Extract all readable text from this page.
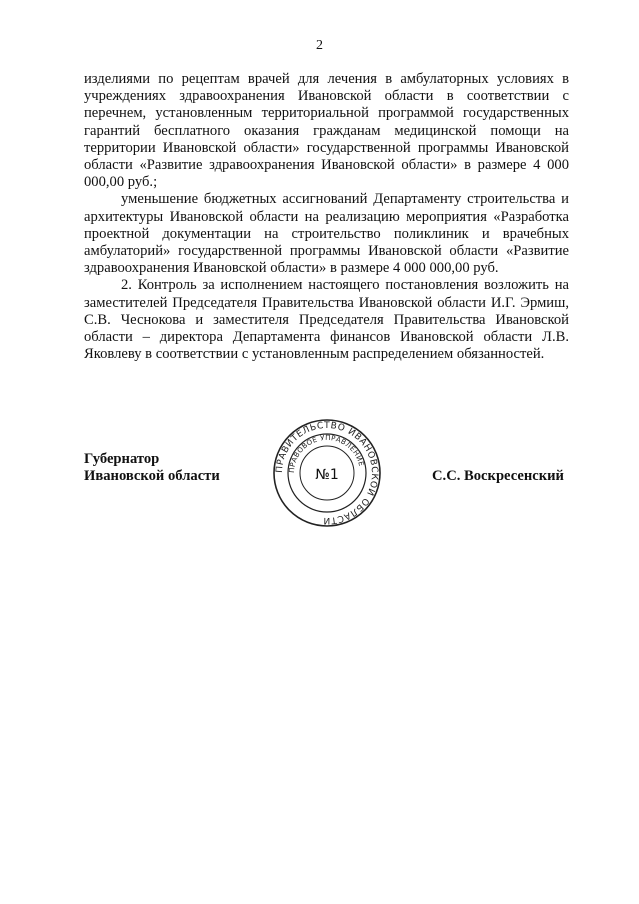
2

изделиями по рецептам врачей для лечения в амбулаторных условиях в учреждениях здравоохранения Ивановской области в соответствии с перечнем, установленным территориальной программой государственных гарантий бесплатного оказания гражданам медицинской помощи на территории Ивановской области» государственной программы Ивановской области «Развитие здравоохранения Ивановской области» в размере 4 000 000,00 руб.;

уменьшение бюджетных ассигнований Департаменту строительства и архитектуры Ивановской области на реализацию мероприятия «Разработка проектной документации на строительство поликлиник и врачебных амбулаторий» государственной программы Ивановской области «Развитие здравоохранения Ивановской области» в размере 4 000 000,00 руб.

2. Контроль за исполнением настоящего постановления возложить на заместителей Председателя Правительства Ивановской области И.Г. Эрмиш, С.В. Чеснокова и заместителя Председателя Правительства Ивановской области – директора Департамента финансов Ивановской области Л.В. Яковлеву в соответствии с установленным распределением обязанностей.

Губернатор
Ивановской области	ПРАВИТЕЛЬСТВО ИВАНОВСКОЙ ОБЛАСТИ
ПРАВОВОЕ УПРАВЛЕНИЕ
№1	С.С. Воскресенский
